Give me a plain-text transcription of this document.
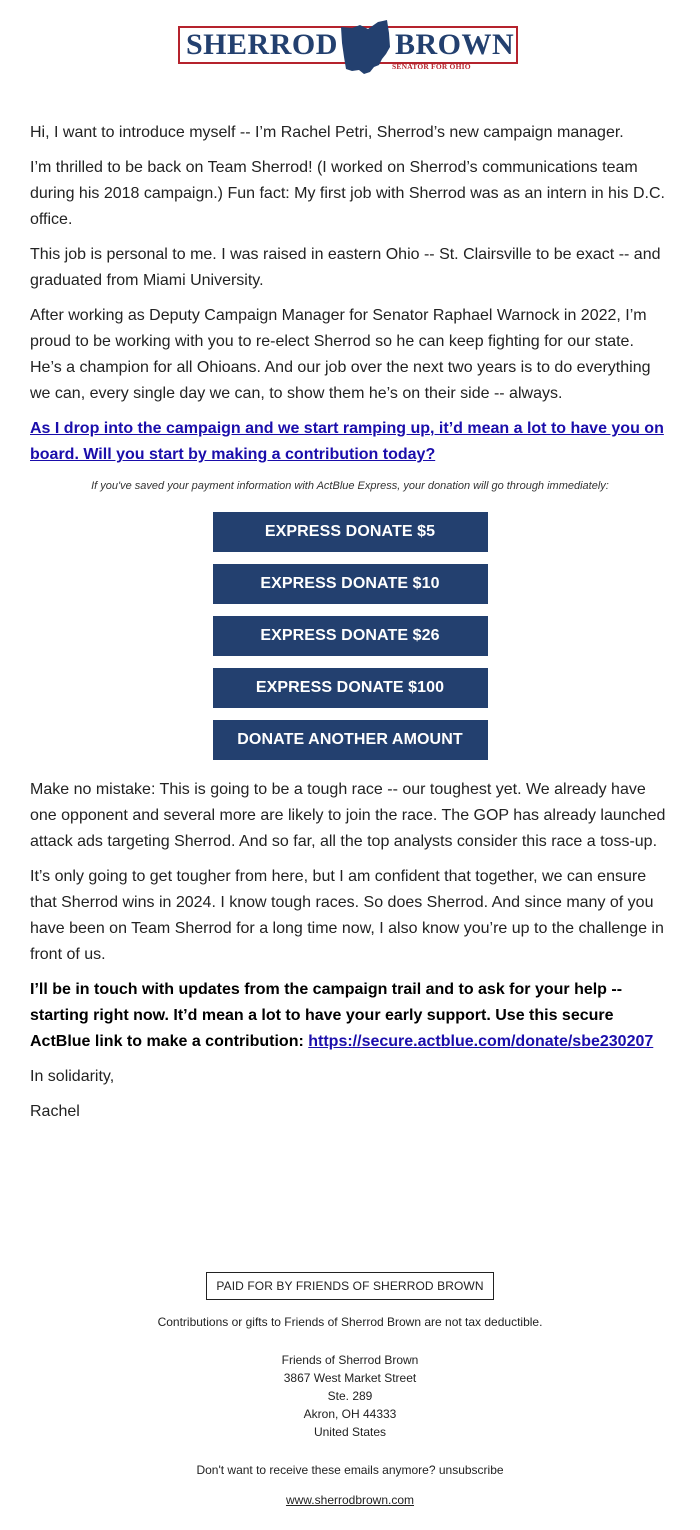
SHERROD BROWN
SENATOR FOR OHIO

Hi, I want to introduce myself -- I’m Rachel Petri, Sherrod’s new campaign manager.

I’m thrilled to be back on Team Sherrod! (I worked on Sherrod’s communications team during his 2018 campaign.) Fun fact: My first job with Sherrod was as an intern in his D.C. office.

This job is personal to me. I was raised in eastern Ohio -- St. Clairsville to be exact -- and graduated from Miami University.

After working as Deputy Campaign Manager for Senator Raphael Warnock in 2022, I’m proud to be working with you to re-elect Sherrod so he can keep fighting for our state. He’s a champion for all Ohioans. And our job over the next two years is to do everything we can, every single day we can, to show them he’s on their side -- always.

As I drop into the campaign and we start ramping up, it’d mean a lot to have you on board. Will you start by making a contribution today?
If you've saved your payment information with ActBlue Express, your donation will go through immediately:
EXPRESS DONATE $5
EXPRESS DONATE $10
EXPRESS DONATE $26
EXPRESS DONATE $100
DONATE ANOTHER AMOUNT

Make no mistake: This is going to be a tough race -- our toughest yet. We already have one opponent and several more are likely to join the race. The GOP has already launched attack ads targeting Sherrod. And so far, all the top analysts consider this race a toss-up.

It’s only going to get tougher from here, but I am confident that together, we can ensure that Sherrod wins in 2024. I know tough races. So does Sherrod. And since many of you have been on Team Sherrod for a long time now, I also know you’re up to the challenge in front of us.

I’ll be in touch with updates from the campaign trail and to ask for your help -- starting right now. It’d mean a lot to have your early support. Use this secure ActBlue link to make a contribution: https://secure.actblue.com/donate/sbe230207

In solidarity,

Rachel

PAID FOR BY FRIENDS OF SHERROD BROWN
Contributions or gifts to Friends of Sherrod Brown are not tax deductible.
Friends of Sherrod Brown
3867 West Market Street
Ste. 289
Akron, OH 44333
United States
Don't want to receive these emails anymore? unsubscribe
www.sherrodbrown.com
